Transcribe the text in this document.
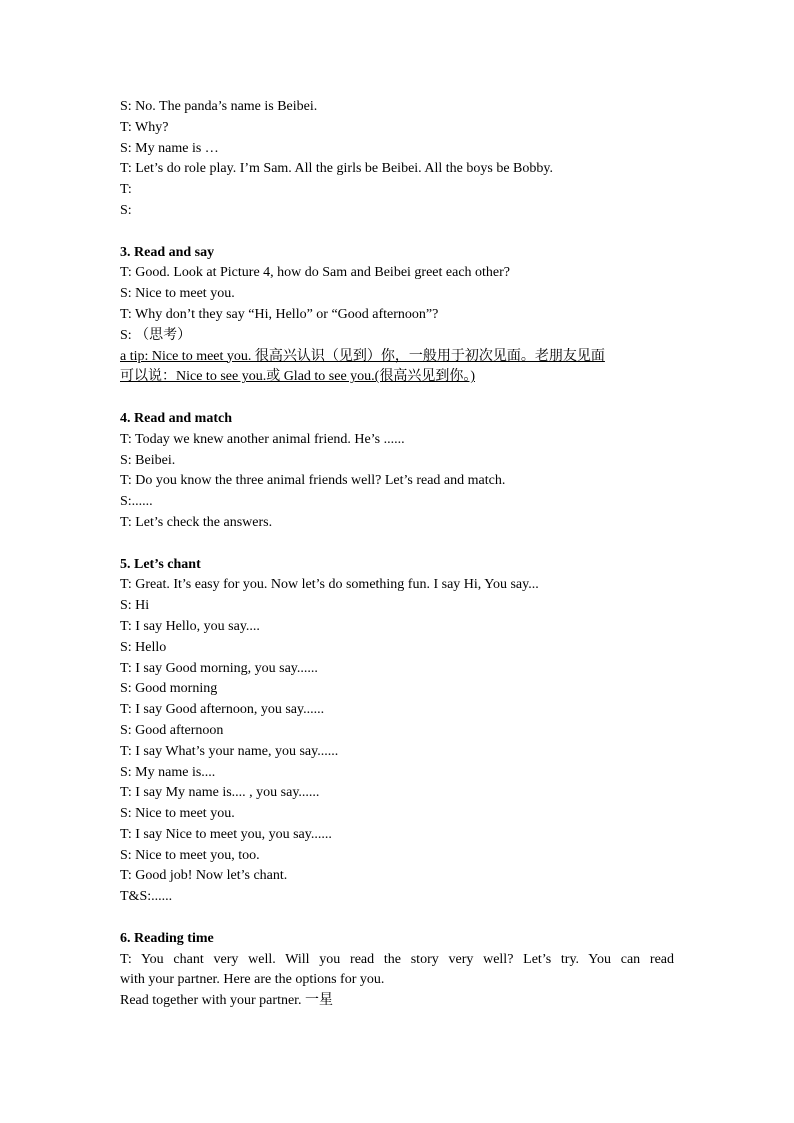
S: No. The panda’s name is Beibei.
T: Why?
S: My name is …
T: Let’s do role play. I’m Sam. All the girls be Beibei. All the boys be Bobby.
T:
S:
3. Read and say
T: Good. Look at Picture 4, how do Sam and Beibei greet each other?
S: Nice to meet you.
T: Why don’t they say “Hi, Hello” or “Good afternoon”?
S: （思考）
a tip: Nice to meet you. 很高兴认识（见到）你，一般用于初次见面。老朋友见面
可以说：Nice to see you.或 Glad to see you.(很高兴见到你。)
4. Read and match
T: Today we knew another animal friend. He’s ......
S: Beibei.
T: Do you know the three animal friends well? Let’s read and match.
S:......
T: Let’s check the answers.
5. Let’s chant
T: Great. It’s easy for you. Now let’s do something fun. I say Hi, You say...
S: Hi
T: I say Hello, you say....
S: Hello
T: I say Good morning, you say......
S: Good morning
T: I say Good afternoon, you say......
S: Good afternoon
T: I say What’s your name, you say......
S: My name is....
T: I say My name is.... , you say......
S: Nice to meet you.
T: I say Nice to meet you, you say......
S: Nice to meet you, too.
T: Good job! Now let’s chant.
T&S:......
6. Reading time
T: You chant very well. Will you read the story very well? Let’s try. You can read
with your partner. Here are the options for you.
Read together with your partner. 一星
